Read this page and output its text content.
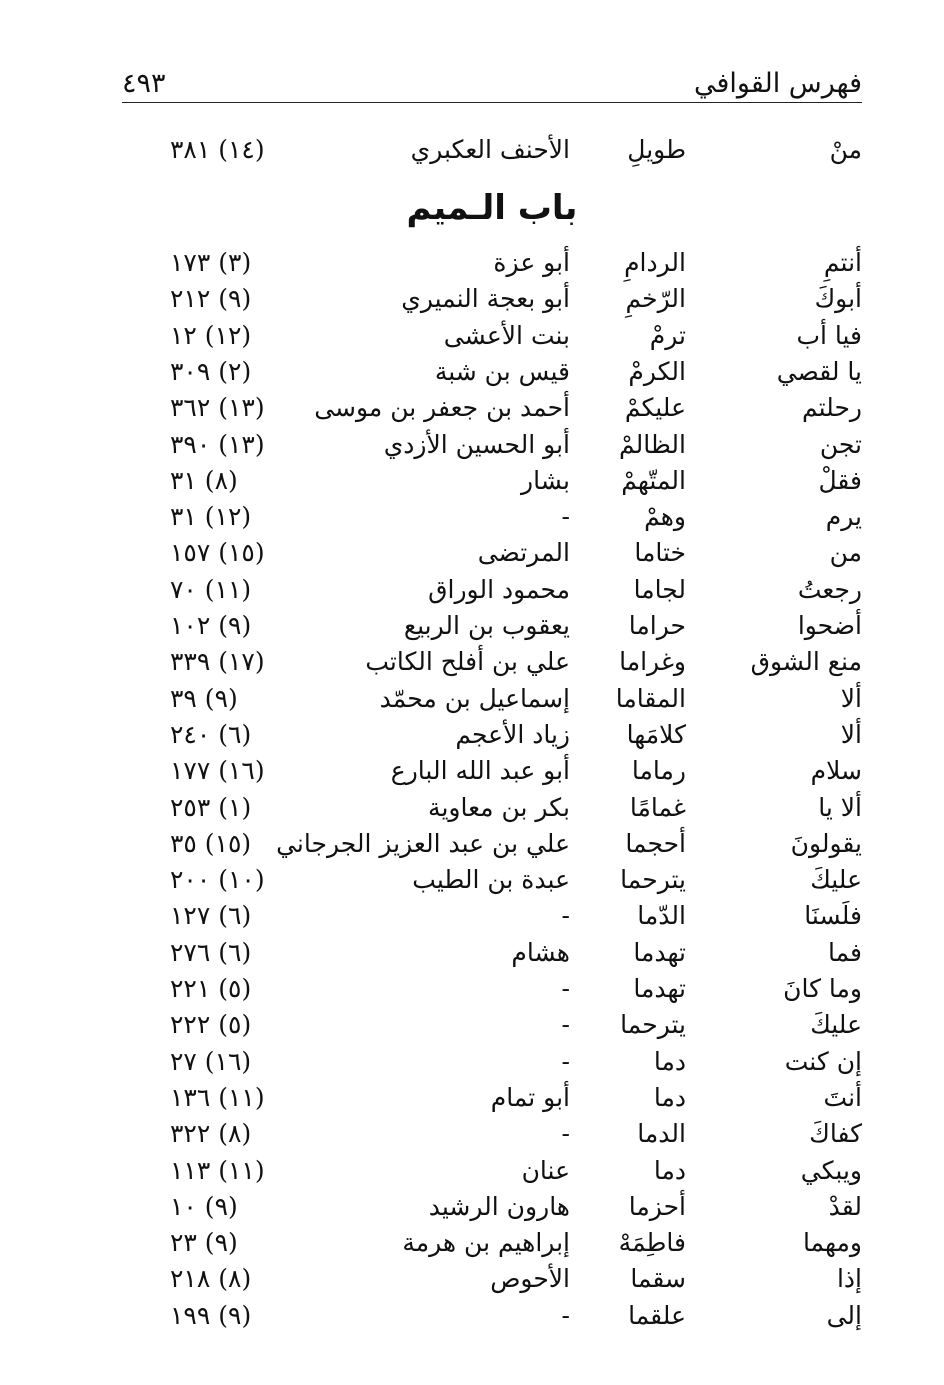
فهرس القوافي
٤٩٣
منْ
طويلِ
الأحنف العكبري
(١٤) ٣٨١
باب الـميم
أنتمِ
الردامِ
أبو عزة
(٣) ١٧٣
أبوكَ
الرّخمِ
أبو بعجة النميري
(٩) ٢١٢
فيا أب
ترمْ
بنت الأعشى
(١٢) ١٢
يا لقصي
الكرمْ
قيس بن شبة
(٢) ٣٠٩
رحلتم
عليكمْ
أحمد بن جعفر بن موسى
(١٣) ٣٦٢
تجن
الظالمْ
أبو الحسين الأزدي
(١٣) ٣٩٠
فقلْ
المتّهمْ
بشار
(٨) ٣١
يرم
وهمْ
-
(١٢) ٣١
من
ختاما
المرتضى
(١٥) ١٥٧
رجعتُ
لجاما
محمود الوراق
(١١) ٧٠
أضحوا
حراما
يعقوب بن الربيع
(٩) ١٠٢
منع الشوق
وغراما
علي بن أفلح الكاتب
(١٧) ٣٣٩
ألا
المقاما
إسماعيل بن محمّد
(٩) ٣٩
ألا
كلامَها
زياد الأعجم
(٦) ٢٤٠
سلام
رماما
أبو عبد الله البارع
(١٦) ١٧٧
ألا يا
غمامًا
بكر بن معاوية
(١) ٢٥٣
يقولونَ
أحجما
علي بن عبد العزيز الجرجاني
(١٥) ٣٥
عليكَ
يترحما
عبدة بن الطيب
(١٠) ٢٠٠
فلَسنَا
الدّما
-
(٦) ١٢٧
فما
تهدما
هشام
(٦) ٢٧٦
وما كانَ
تهدما
-
(٥) ٢٢١
عليكَ
يترحما
-
(٥) ٢٢٢
إن كنت
دما
-
(١٦) ٢٧
أنتَ
دما
أبو تمام
(١١) ١٣٦
كفاكَ
الدما
-
(٨) ٣٢٢
ويبكي
دما
عنان
(١١) ١١٣
لقدْ
أحزما
هارون الرشيد
(٩) ١٠
ومهما
فاطِمَهْ
إبراهيم بن هرمة
(٩) ٢٣
إذا
سقما
الأحوص
(٨) ٢١٨
إلى
علقما
-
(٩) ١٩٩
